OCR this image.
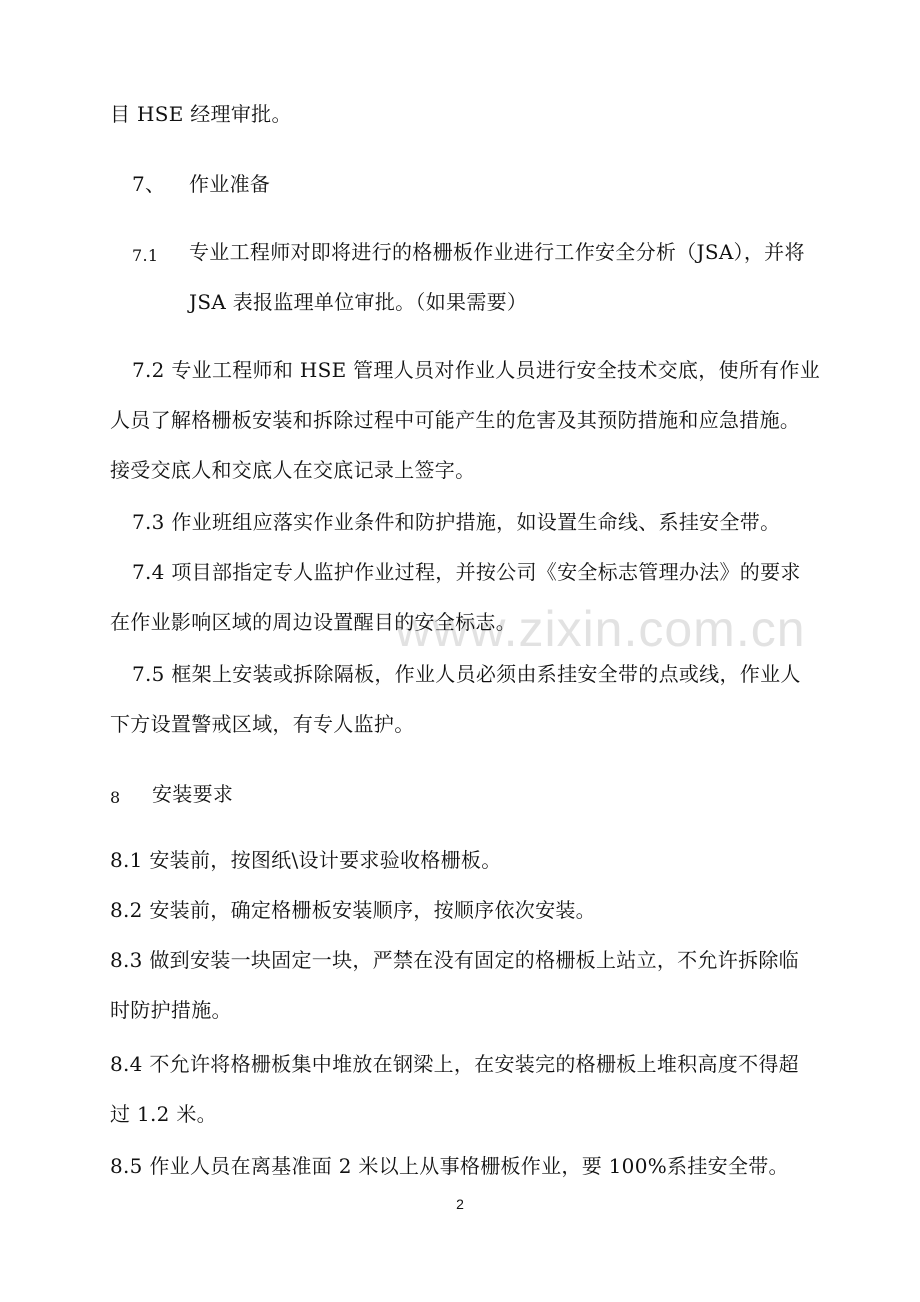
www.zixin.com.cn
目 HSE 经理审批。
7、	作业准备
7.1	专业工程师对即将进行的格栅板作业进行工作安全分析（JSA），并将
JSA 表报监理单位审批。（如果需要）
7.2 专业工程师和 HSE 管理人员对作业人员进行安全技术交底，使所有作业
人员了解格栅板安装和拆除过程中可能产生的危害及其预防措施和应急措施。
接受交底人和交底人在交底记录上签字。
7.3 作业班组应落实作业条件和防护措施，如设置生命线、系挂安全带。
7.4 项目部指定专人监护作业过程，并按公司《安全标志管理办法》的要求
在作业影响区域的周边设置醒目的安全标志。
7.5 框架上安装或拆除隔板，作业人员必须由系挂安全带的点或线，作业人
下方设置警戒区域，有专人监护。
8	安装要求
8.1 安装前，按图纸\设计要求验收格栅板。
8.2 安装前，确定格栅板安装顺序，按顺序依次安装。
8.3 做到安装一块固定一块，严禁在没有固定的格栅板上站立，不允许拆除临
时防护措施。
8.4 不允许将格栅板集中堆放在钢梁上，在安装完的格栅板上堆积高度不得超
过 1.2 米。
8.5 作业人员在离基准面 2 米以上从事格栅板作业，要 100%系挂安全带。
2
